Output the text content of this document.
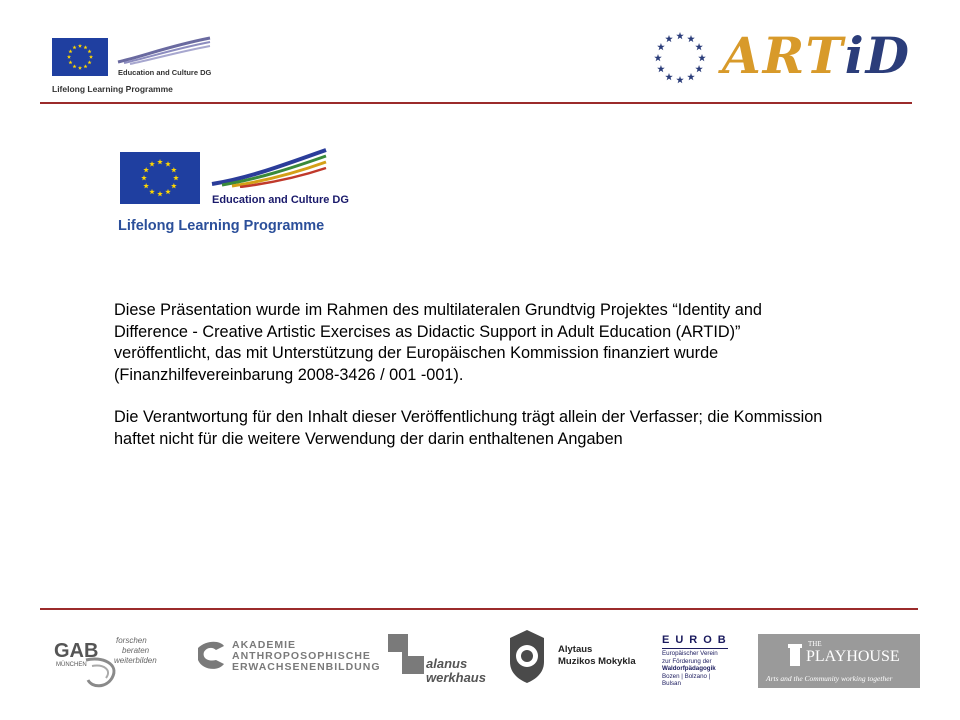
Education and Culture DG
Lifelong Learning Programme
ARTiD
Education and Culture DG
Lifelong Learning Programme

Diese Präsentation wurde im Rahmen des multilateralen Grundtvig Projektes “Identity and Difference - Creative Artistic Exercises as Didactic Support in Adult Education (ARTID)” veröffentlicht, das mit Unterstützung der Europäischen Kommission finanziert wurde (Finanzhilfevereinbarung 2008-3426 / 001 -001).

Die Verantwortung für den Inhalt dieser Veröffentlichung trägt allein der Verfasser; die Kommission haftet nicht für die weitere Verwendung der darin enthaltenen Angaben

GAB
MÜNCHEN
forschen
beraten
weiterbilden
AKADEMIE
ANTHROPOSOPHISCHE
ERWACHSENENBILDUNG	alanus
werkhaus
Alytaus
Muzikos Mokykla
EUROB
Europäischer Verein
zur Förderung der
Waldorfpädagogik
Bozen | Bolzano | Bulsan
THE
PLAYHOUSE
Arts and the Community working together
